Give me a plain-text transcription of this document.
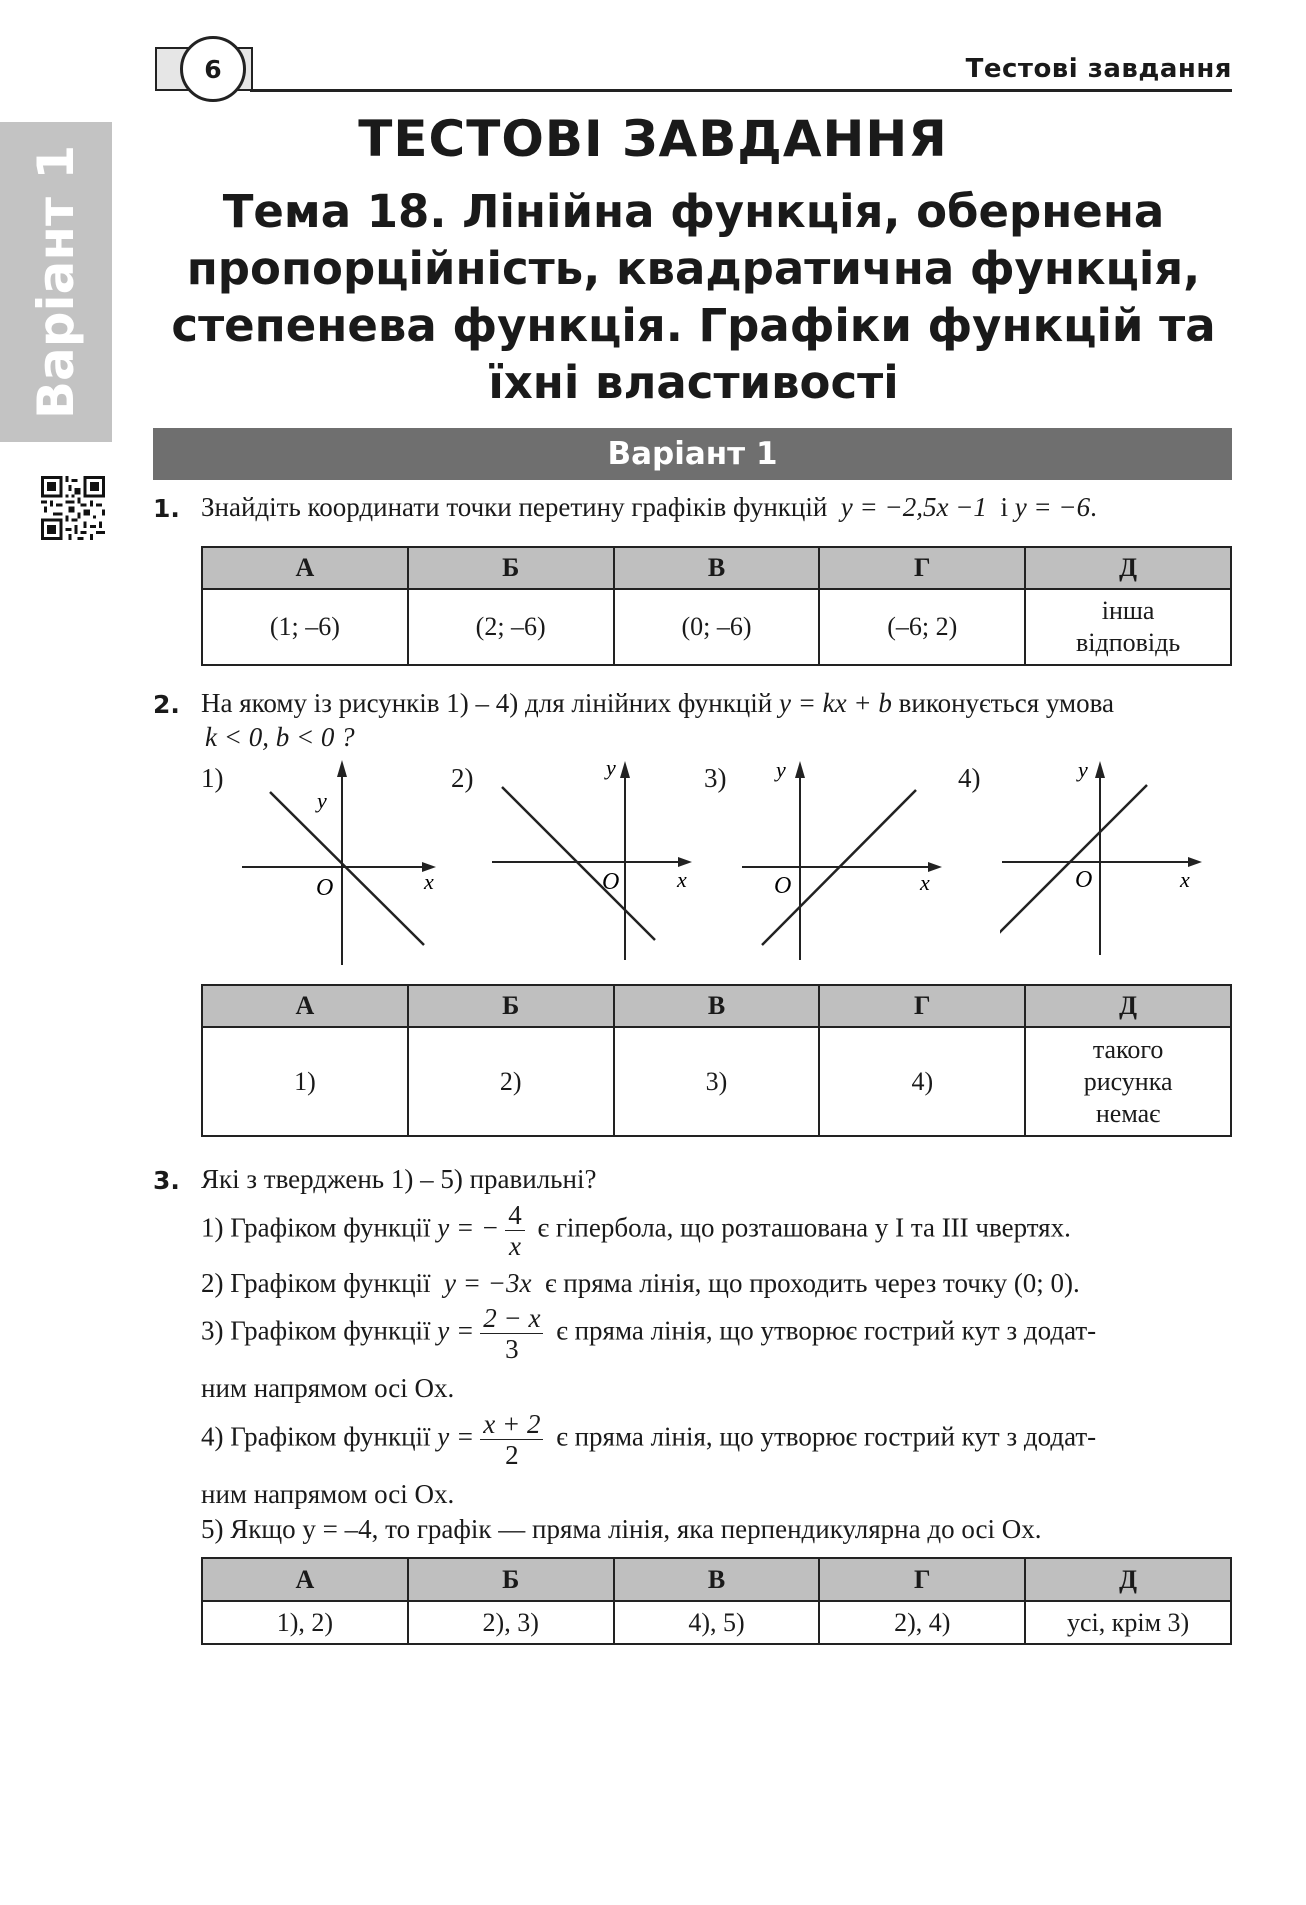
6	Тестові завдання
Варіант 1
ТЕСТОВІ ЗАВДАННЯ
Тема 18. Лінійна функція, обернена пропорційність, квадратична функція, степенева функція. Графіки функцій та їхні властивості
Варіант 1
1. Знайдіть координати точки перетину графіків функцій y = −2,5x −1 і y = −6.
А	Б	В	Г	Д
(1; –6)	(2; –6)	(0; –6)	(–6; 2)	інша відповідь
2. На якому із рисунків 1) – 4) для лінійних функцій y = kx + b виконується умова
k < 0, b < 0 ?
1)
y
O	x
2)	y
O	x
3) y
O	x
4)	y
O	x
А	Б	В	Г	Д
1)	2)	3)	4)	такого рисунка немає
3. Які з тверджень 1) – 5) правильні?
1) Графіком функції y = − $\frac{4}{x}$ є гіпербола, що розташована у І та ІІІ чвертях.
2) Графіком функції y = −3x є пряма лінія, що проходить через точку (0; 0).
3) Графіком функції $y = \frac{2 - x}{3}$ є пряма лінія, що утворює гострий кут з додат-
ним напрямом осі Ox.
4) Графіком функції $y = \frac{x + 2}{2}$ є пряма лінія, що утворює гострий кут з додат-
ним напрямом осі Ox.
5) Якщо y = –4, то графік — пряма лінія, яка перпендикулярна до осі Ox.
А	Б	В	Г	Д
1), 2)	2), 3)	4), 5)	2), 4)	усі, крім 3)
